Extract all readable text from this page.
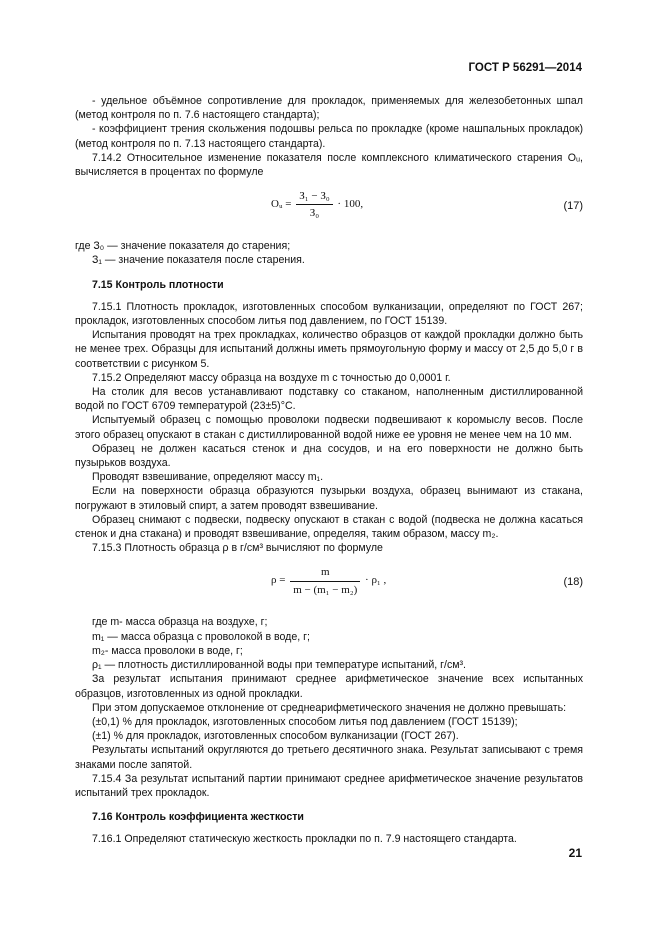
ГОСТ Р 56291—2014

- удельное объёмное сопротивление для прокладок, применяемых для железобетонных шпал (метод контроля по п. 7.6 настоящего стандарта);

- коэффициент трения скольжения подошвы рельса по прокладке (кроме нашпальных прокладок) (метод контроля по п. 7.13 настоящего стандарта).

7.14.2 Относительное изменение показателя после комплексного климатического старения Oᵤ, вычисляется в процентах по формуле

Oᵤ = $\frac{\text{З₁ − З₀}}{\text{З₀}} \cdot 100$,	(17)

где З₀ — значение показателя до старения;

З₁ — значение показателя после старения.

7.15 Контроль плотности

7.15.1 Плотность прокладок, изготовленных способом вулканизации, определяют по ГОСТ 267; прокладок, изготовленных способом литья под давлением, по ГОСТ 15139.

Испытания проводят на трех прокладках, количество образцов от каждой прокладки должно быть не менее трех. Образцы для испытаний должны иметь прямоугольную форму и массу от 2,5 до 5,0 г в соответствии с рисунком 5.

7.15.2 Определяют массу образца на воздухе m с точностью до 0,0001 г.

На столик для весов устанавливают подставку со стаканом, наполненным дистиллированной водой по ГОСТ 6709 температурой (23±5)°С.

Испытуемый образец с помощью проволоки подвески подвешивают к коромыслу весов. После этого образец опускают в стакан с дистиллированной водой ниже ее уровня не менее чем на 10 мм.

Образец не должен касаться стенок и дна сосудов, и на его поверхности не должно быть пузырьков воздуха.

Проводят взвешивание, определяют массу m₁.

Если на поверхности образца образуются пузырьки воздуха, образец вынимают из стакана, погружают в этиловый спирт, а затем проводят взвешивание.

Образец снимают с подвески, подвеску опускают в стакан с водой (подвеска не должна касаться стенок и дна стакана) и проводят взвешивание, определяя, таким образом, массу m₂.

7.15.3 Плотность образца ρ в г/см³ вычисляют по формуле

$\rho = \frac{m}{\text{m − (m₁ − m₂)}} \cdot \rho_1$ ,	(18)

где m- масса образца на воздухе, г;

m₁ — масса образца с проволокой в воде, г;

m₂- масса проволоки в воде, г;

ρ₁ — плотность дистиллированной воды при температуре испытаний, г/см³.

За результат испытания принимают среднее арифметическое значение всех испытанных образцов, изготовленных из одной прокладки.

При этом допускаемое отклонение от среднеарифметического значения не должно превышать:

(±0,1) % для прокладок, изготовленных способом литья под давлением (ГОСТ 15139);

(±1) % для прокладок, изготовленных способом вулканизации (ГОСТ 267).

Результаты испытаний округляются до третьего десятичного знака. Результат записывают с тремя знаками после запятой.

7.15.4 За результат испытаний партии принимают среднее арифметическое значение результатов испытаний трех прокладок.

7.16 Контроль коэффициента жесткости

7.16.1 Определяют статическую жесткость прокладки по п. 7.9 настоящего стандарта.

21
